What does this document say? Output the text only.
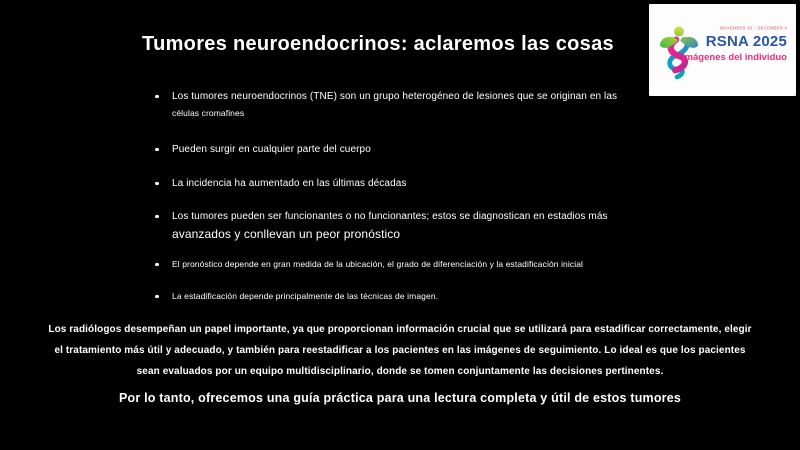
Tumores neuroendocrinos: aclaremos las cosas
NOVEMBER 30 – DECEMBER 4
RSNA 2025
Imágenes del individuo
Los tumores neuroendocrinos (TNE) son un grupo heterogéneo de lesiones que se originan en las
células cromafines
Pueden surgir en cualquier parte del cuerpo
La incidencia ha aumentado en las últimas décadas
Los tumores pueden ser funcionantes o no funcionantes; estos se diagnostican en estadios más
avanzados y conllevan un peor pronóstico
El pronóstico depende en gran medida de la ubicación, el grado de diferenciación y la estadificación inicial
La estadificación depende principalmente de las técnicas de imagen.
Los radiólogos desempeñan un papel importante, ya que proporcionan información crucial que se utilizará para estadificar correctamente, elegir
el tratamiento más útil y adecuado, y también para reestadificar a los pacientes en las imágenes de seguimiento. Lo ideal es que los pacientes
sean evaluados por un equipo multidisciplinario, donde se tomen conjuntamente las decisiones pertinentes.
Por lo tanto, ofrecemos una guía práctica para una lectura completa y útil de estos tumores
